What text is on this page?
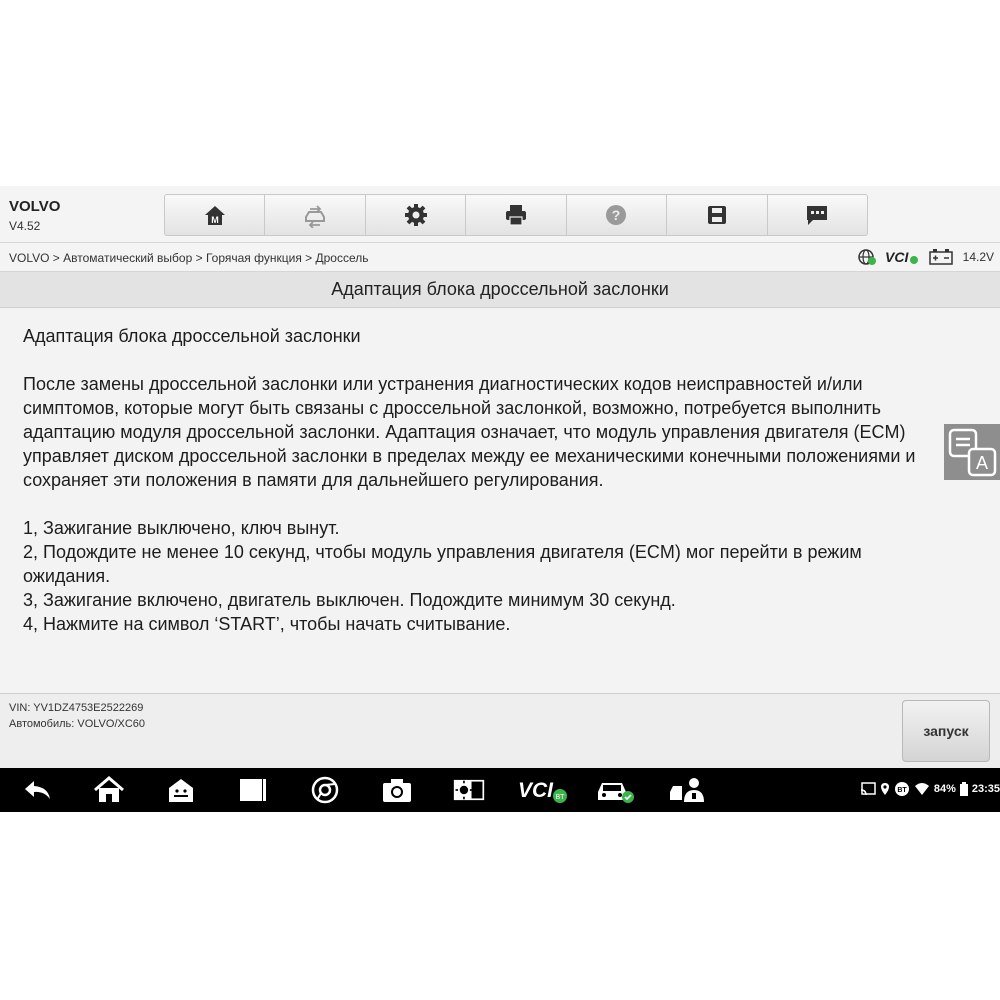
VOLVO
V4.52	M	?
VOLVO > Автоматический выбор > Горячая функция > Дроссель	VCI	14.2V
Адаптация блока дроссельной заслонки

Адаптация блока дроссельной заслонки

После замены дроссельной заслонки или устранения диагностических кодов неисправностей и/или симптомов, которые могут быть связаны с дроссельной заслонкой, возможно, потребуется выполнить адаптацию модуля дроссельной заслонки. Адаптация означает, что модуль управления двигателя (ECM) управляет диском дроссельной заслонки в пределах между ее механическими конечными положениями и сохраняет эти положения в памяти для дальнейшего регулирования.

1, Зажигание выключено, ключ вынут.
2, Подождите не менее 10 секунд, чтобы модуль управления двигателя (ECM) мог перейти в режим ожидания.
3, Зажигание включено, двигатель выключен. Подождите минимум 30 секунд.
4, Нажмите на символ ‘START’, чтобы начать считывание.
A
VIN: YV1DZ4753E2522269
Автомобиль: VOLVO/XC60	запуск
VCI BT
BT 84% 23:35
